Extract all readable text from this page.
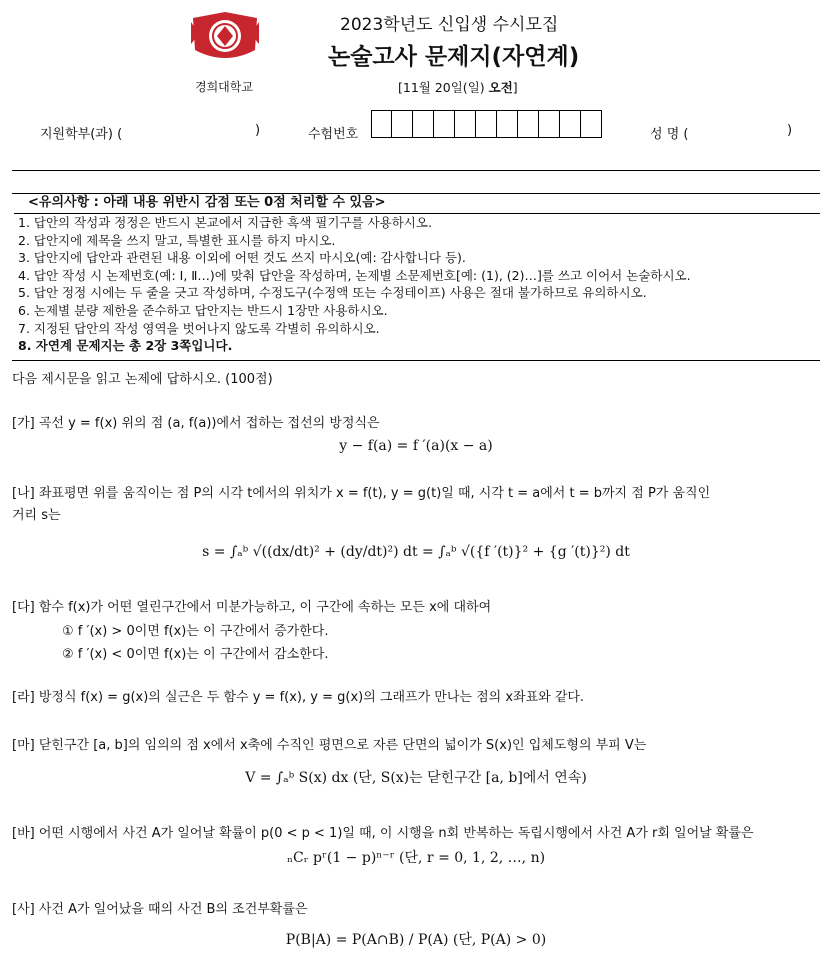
경희대학교
2023학년도 신입생 수시모집
논술고사 문제지(자연계)
[11월 20일(일) 오전]
지원학부(과) (	)	수험번호	성 명 (	)
<유의사항 : 아래 내용 위반시 감점 또는 0점 처리할 수 있음>
1. 답안의 작성과 정정은 반드시 본교에서 지급한 흑색 필기구를 사용하시오.
2. 답안지에 제목을 쓰지 말고, 특별한 표시를 하지 마시오.
3. 답안지에 답안과 관련된 내용 이외에 어떤 것도 쓰지 마시오(예: 감사합니다 등).
4. 답안 작성 시 논제번호(예: Ⅰ, Ⅱ…)에 맞춰 답안을 작성하며, 논제별 소문제번호[예: (1), (2)…]를 쓰고 이어서 논술하시오.
5. 답안 정정 시에는 두 줄을 긋고 작성하며, 수정도구(수정액 또는 수정테이프) 사용은 절대 불가하므로 유의하시오.
6. 논제별 분량 제한을 준수하고 답안지는 반드시 1장만 사용하시오.
7. 지정된 답안의 작성 영역을 벗어나지 않도록 각별히 유의하시오.
8. 자연계 문제지는 총 2장 3쪽입니다.
다음 제시문을 읽고 논제에 답하시오. (100점)
[가] 곡선 y = f(x) 위의 점 (a, f(a))에서 접하는 접선의 방정식은
y − f(a) = f ′(a)(x − a)
[나] 좌표평면 위를 움직이는 점 P의 시각 t에서의 위치가 x = f(t), y = g(t)일 때, 시각 t = a에서 t = b까지 점 P가 움직인
거리 s는
s = ∫ₐᵇ √((dx/dt)² + (dy/dt)²) dt = ∫ₐᵇ √({f ′(t)}² + {g ′(t)}²) dt
[다] 함수 f(x)가 어떤 열린구간에서 미분가능하고, 이 구간에 속하는 모든 x에 대하여
① f ′(x) > 0이면 f(x)는 이 구간에서 증가한다.
② f ′(x) < 0이면 f(x)는 이 구간에서 감소한다.
[라] 방정식 f(x) = g(x)의 실근은 두 함수 y = f(x), y = g(x)의 그래프가 만나는 점의 x좌표와 같다.
[마] 닫힌구간 [a, b]의 임의의 점 x에서 x축에 수직인 평면으로 자른 단면의 넓이가 S(x)인 입체도형의 부피 V는
V = ∫ₐᵇ S(x) dx (단, S(x)는 닫힌구간 [a, b]에서 연속)
[바] 어떤 시행에서 사건 A가 일어날 확률이 p(0 < p < 1)일 때, 이 시행을 n회 반복하는 독립시행에서 사건 A가 r회 일어날 확률은
ₙCᵣ pʳ(1 − p)ⁿ⁻ʳ (단, r = 0, 1, 2, …, n)
[사] 사건 A가 일어났을 때의 사건 B의 조건부확률은
P(B|A) = P(A∩B) / P(A) (단, P(A) > 0)
